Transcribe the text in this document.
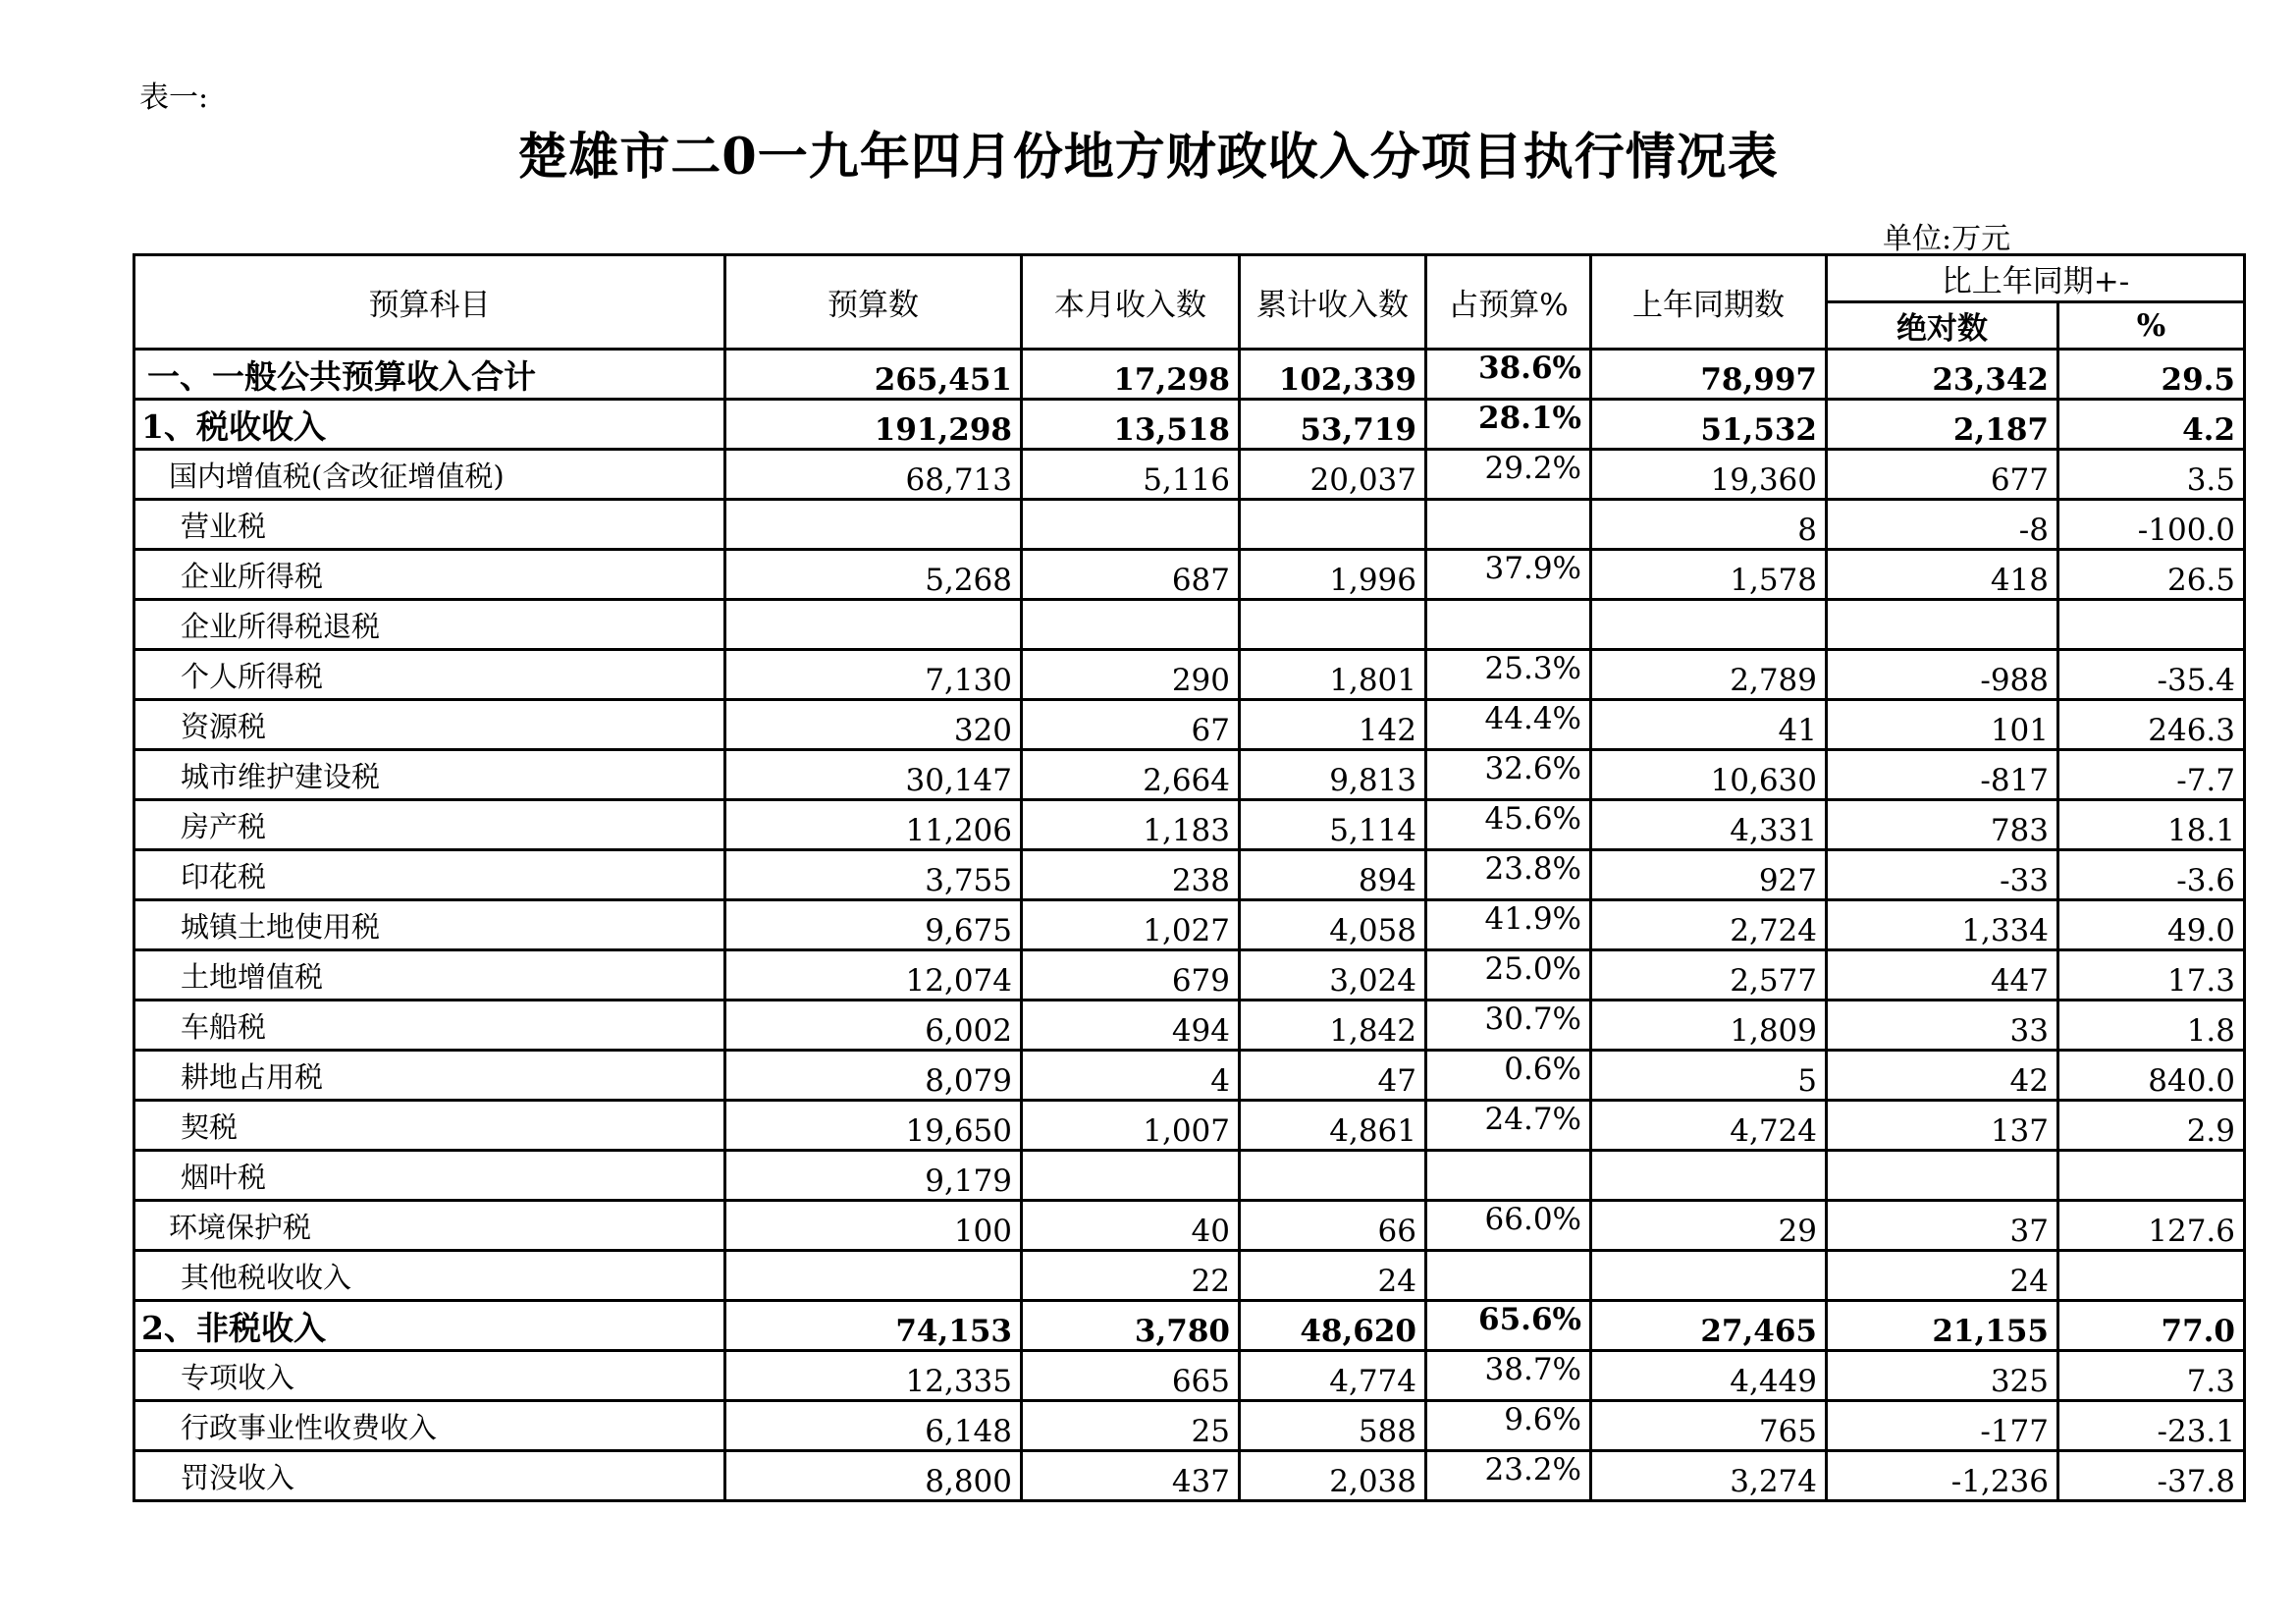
表一:
楚雄市二0一九年四月份地方财政收入分项目执行情况表
单位:万元
预算科目	预算数	本月收入数	累计收入数	占预算%	上年同期数	比上年同期+-	
						绝对数	%
一、一般公共预算收入合计	265,451	17,298	102,339	38.6%	78,997	23,342	29.5
1、税收收入	191,298	13,518	53,719	28.1%	51,532	2,187	4.2
国内增值税(含改征增值税)	68,713	5,116	20,037	29.2%	19,360	677	3.5
营业税					8	-8	-100.0
企业所得税	5,268	687	1,996	37.9%	1,578	418	26.5
企业所得税退税							
个人所得税	7,130	290	1,801	25.3%	2,789	-988	-35.4
资源税	320	67	142	44.4%	41	101	246.3
城市维护建设税	30,147	2,664	9,813	32.6%	10,630	-817	-7.7
房产税	11,206	1,183	5,114	45.6%	4,331	783	18.1
印花税	3,755	238	894	23.8%	927	-33	-3.6
城镇土地使用税	9,675	1,027	4,058	41.9%	2,724	1,334	49.0
土地增值税	12,074	679	3,024	25.0%	2,577	447	17.3
车船税	6,002	494	1,842	30.7%	1,809	33	1.8
耕地占用税	8,079	4	47	0.6%	5	42	840.0
契税	19,650	1,007	4,861	24.7%	4,724	137	2.9
烟叶税	9,179						
环境保护税	100	40	66	66.0%	29	37	127.6
其他税收收入		22	24			24	
2、非税收入	74,153	3,780	48,620	65.6%	27,465	21,155	77.0
专项收入	12,335	665	4,774	38.7%	4,449	325	7.3
行政事业性收费收入	6,148	25	588	9.6%	765	-177	-23.1
罚没收入	8,800	437	2,038	23.2%	3,274	-1,236	-37.8
